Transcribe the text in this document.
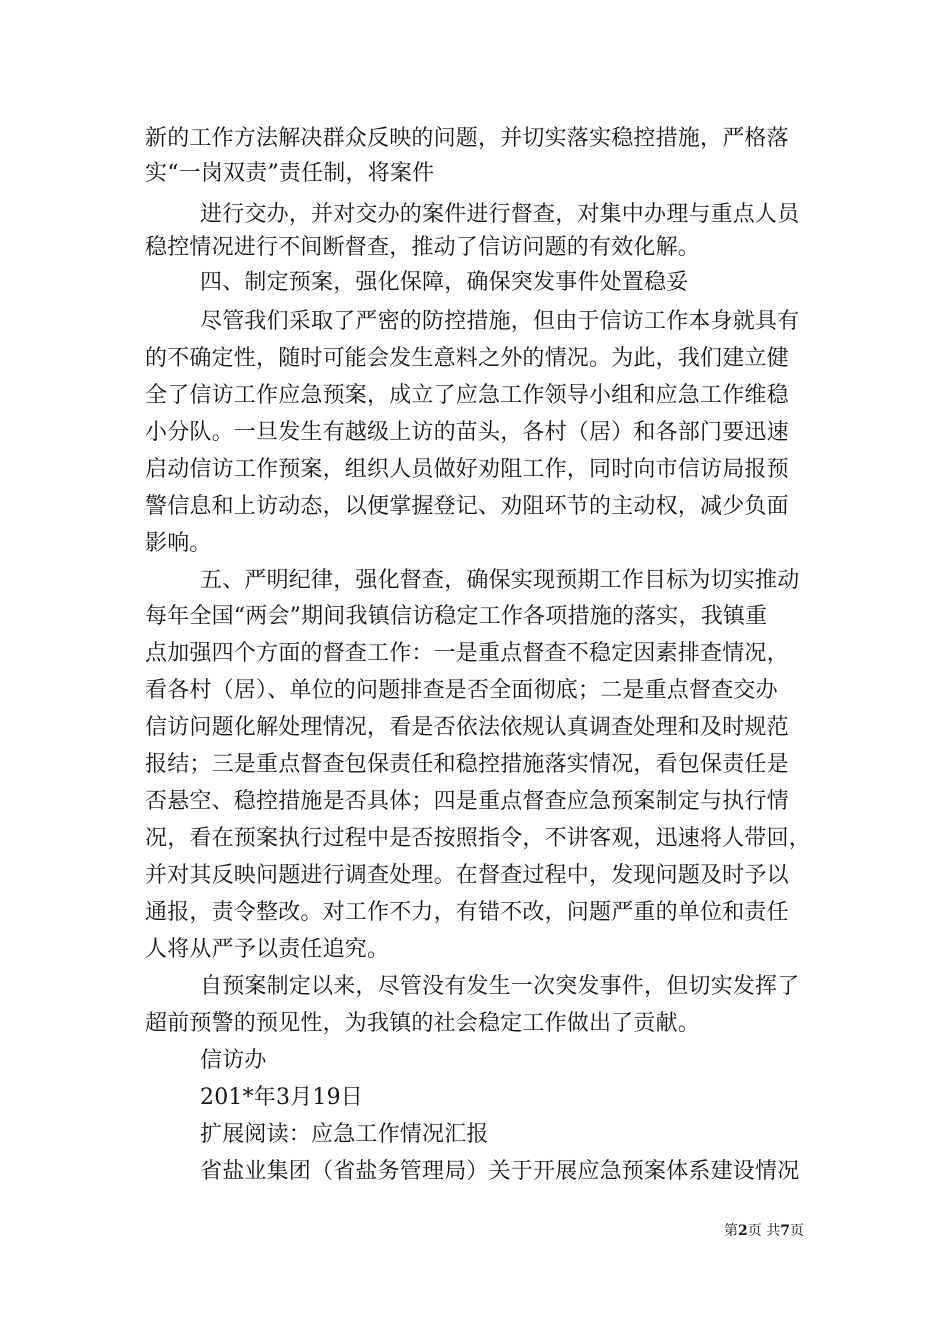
新的工作方法解决群众反映的问题，并切实落实稳控措施，严格落
实“一岗双责”责任制，将案件
进行交办，并对交办的案件进行督查，对集中办理与重点人员
稳控情况进行不间断督查，推动了信访问题的有效化解。
四、制定预案，强化保障，确保突发事件处置稳妥
尽管我们采取了严密的防控措施，但由于信访工作本身就具有
的不确定性，随时可能会发生意料之外的情况。为此，我们建立健
全了信访工作应急预案，成立了应急工作领导小组和应急工作维稳
小分队。一旦发生有越级上访的苗头，各村（居）和各部门要迅速
启动信访工作预案，组织人员做好劝阻工作，同时向市信访局报预
警信息和上访动态，以便掌握登记、劝阻环节的主动权，减少负面
影响。
五、严明纪律，强化督查，确保实现预期工作目标为切实推动
每年全国“两会”期间我镇信访稳定工作各项措施的落实，我镇重
点加强四个方面的督查工作：一是重点督查不稳定因素排查情况，
看各村（居）、单位的问题排查是否全面彻底；二是重点督查交办
信访问题化解处理情况，看是否依法依规认真调查处理和及时规范
报结；三是重点督查包保责任和稳控措施落实情况，看包保责任是
否悬空、稳控措施是否具体；四是重点督查应急预案制定与执行情
况，看在预案执行过程中是否按照指令，不讲客观，迅速将人带回，
并对其反映问题进行调查处理。在督查过程中，发现问题及时予以
通报，责令整改。对工作不力，有错不改，问题严重的单位和责任
人将从严予以责任追究。
自预案制定以来，尽管没有发生一次突发事件，但切实发挥了
超前预警的预见性，为我镇的社会稳定工作做出了贡献。
信访办
201*年3月19日
扩展阅读：应急工作情况汇报
省盐业集团（省盐务管理局）关于开展应急预案体系建设情况
第2页 共7页
